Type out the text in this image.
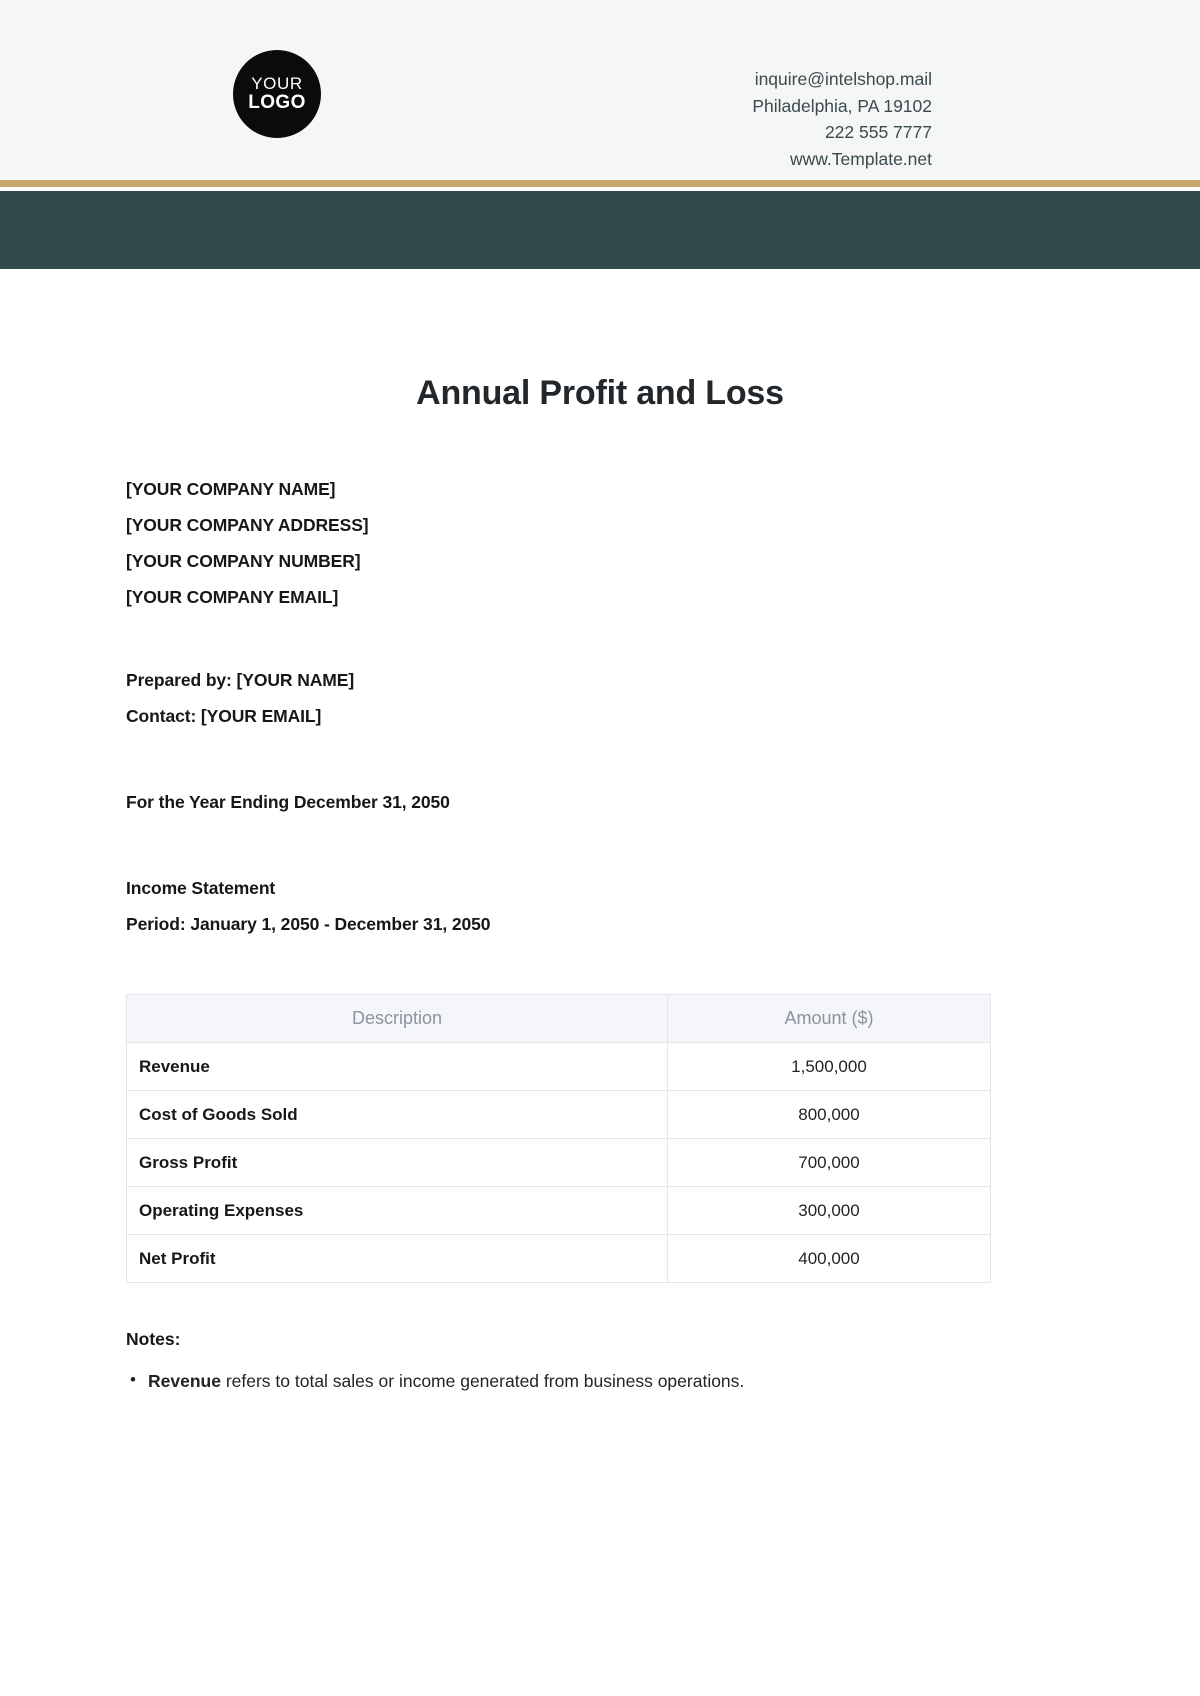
YOUR
LOGO
inquire@intelshop.mail
Philadelphia, PA 19102
222 555 7777
www.Template.net
Annual Profit and Loss

[YOUR COMPANY NAME]

[YOUR COMPANY ADDRESS]

[YOUR COMPANY NUMBER]

[YOUR COMPANY EMAIL]

Prepared by: [YOUR NAME]

Contact: [YOUR EMAIL]

For the Year Ending December 31, 2050

Income Statement

Period: January 1, 2050 - December 31, 2050

Description	Amount ($)
Revenue	1,500,000
Cost of Goods Sold	800,000
Gross Profit	700,000
Operating Expenses	300,000
Net Profit	400,000
Notes:
• Revenue refers to total sales or income generated from business operations.
